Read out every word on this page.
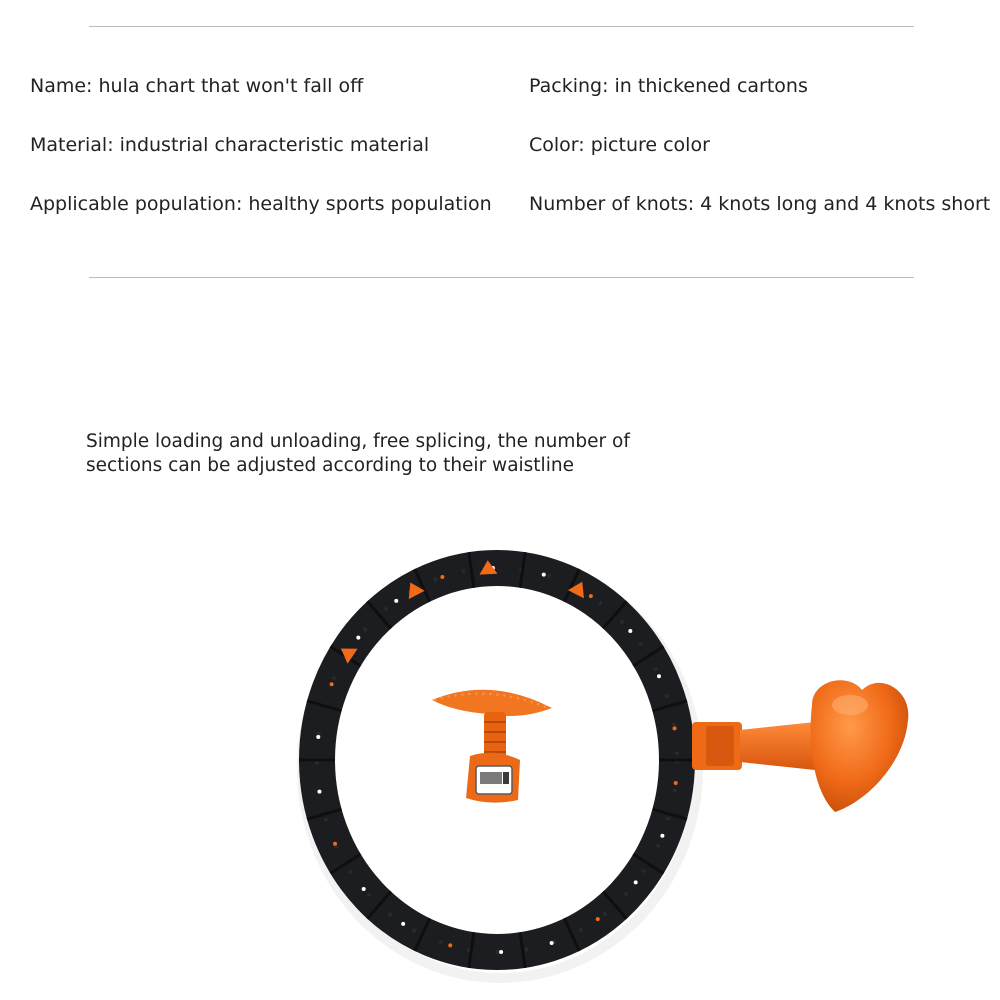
Name: hula chart that won't fall off
Material: industrial characteristic material
Applicable population: healthy sports population
Packing: in thickened cartons
Color: picture color
Number of knots: 4 knots long and 4 knots short
Simple loading and unloading, free splicing, the number of
sections can be adjusted according to their waistline
